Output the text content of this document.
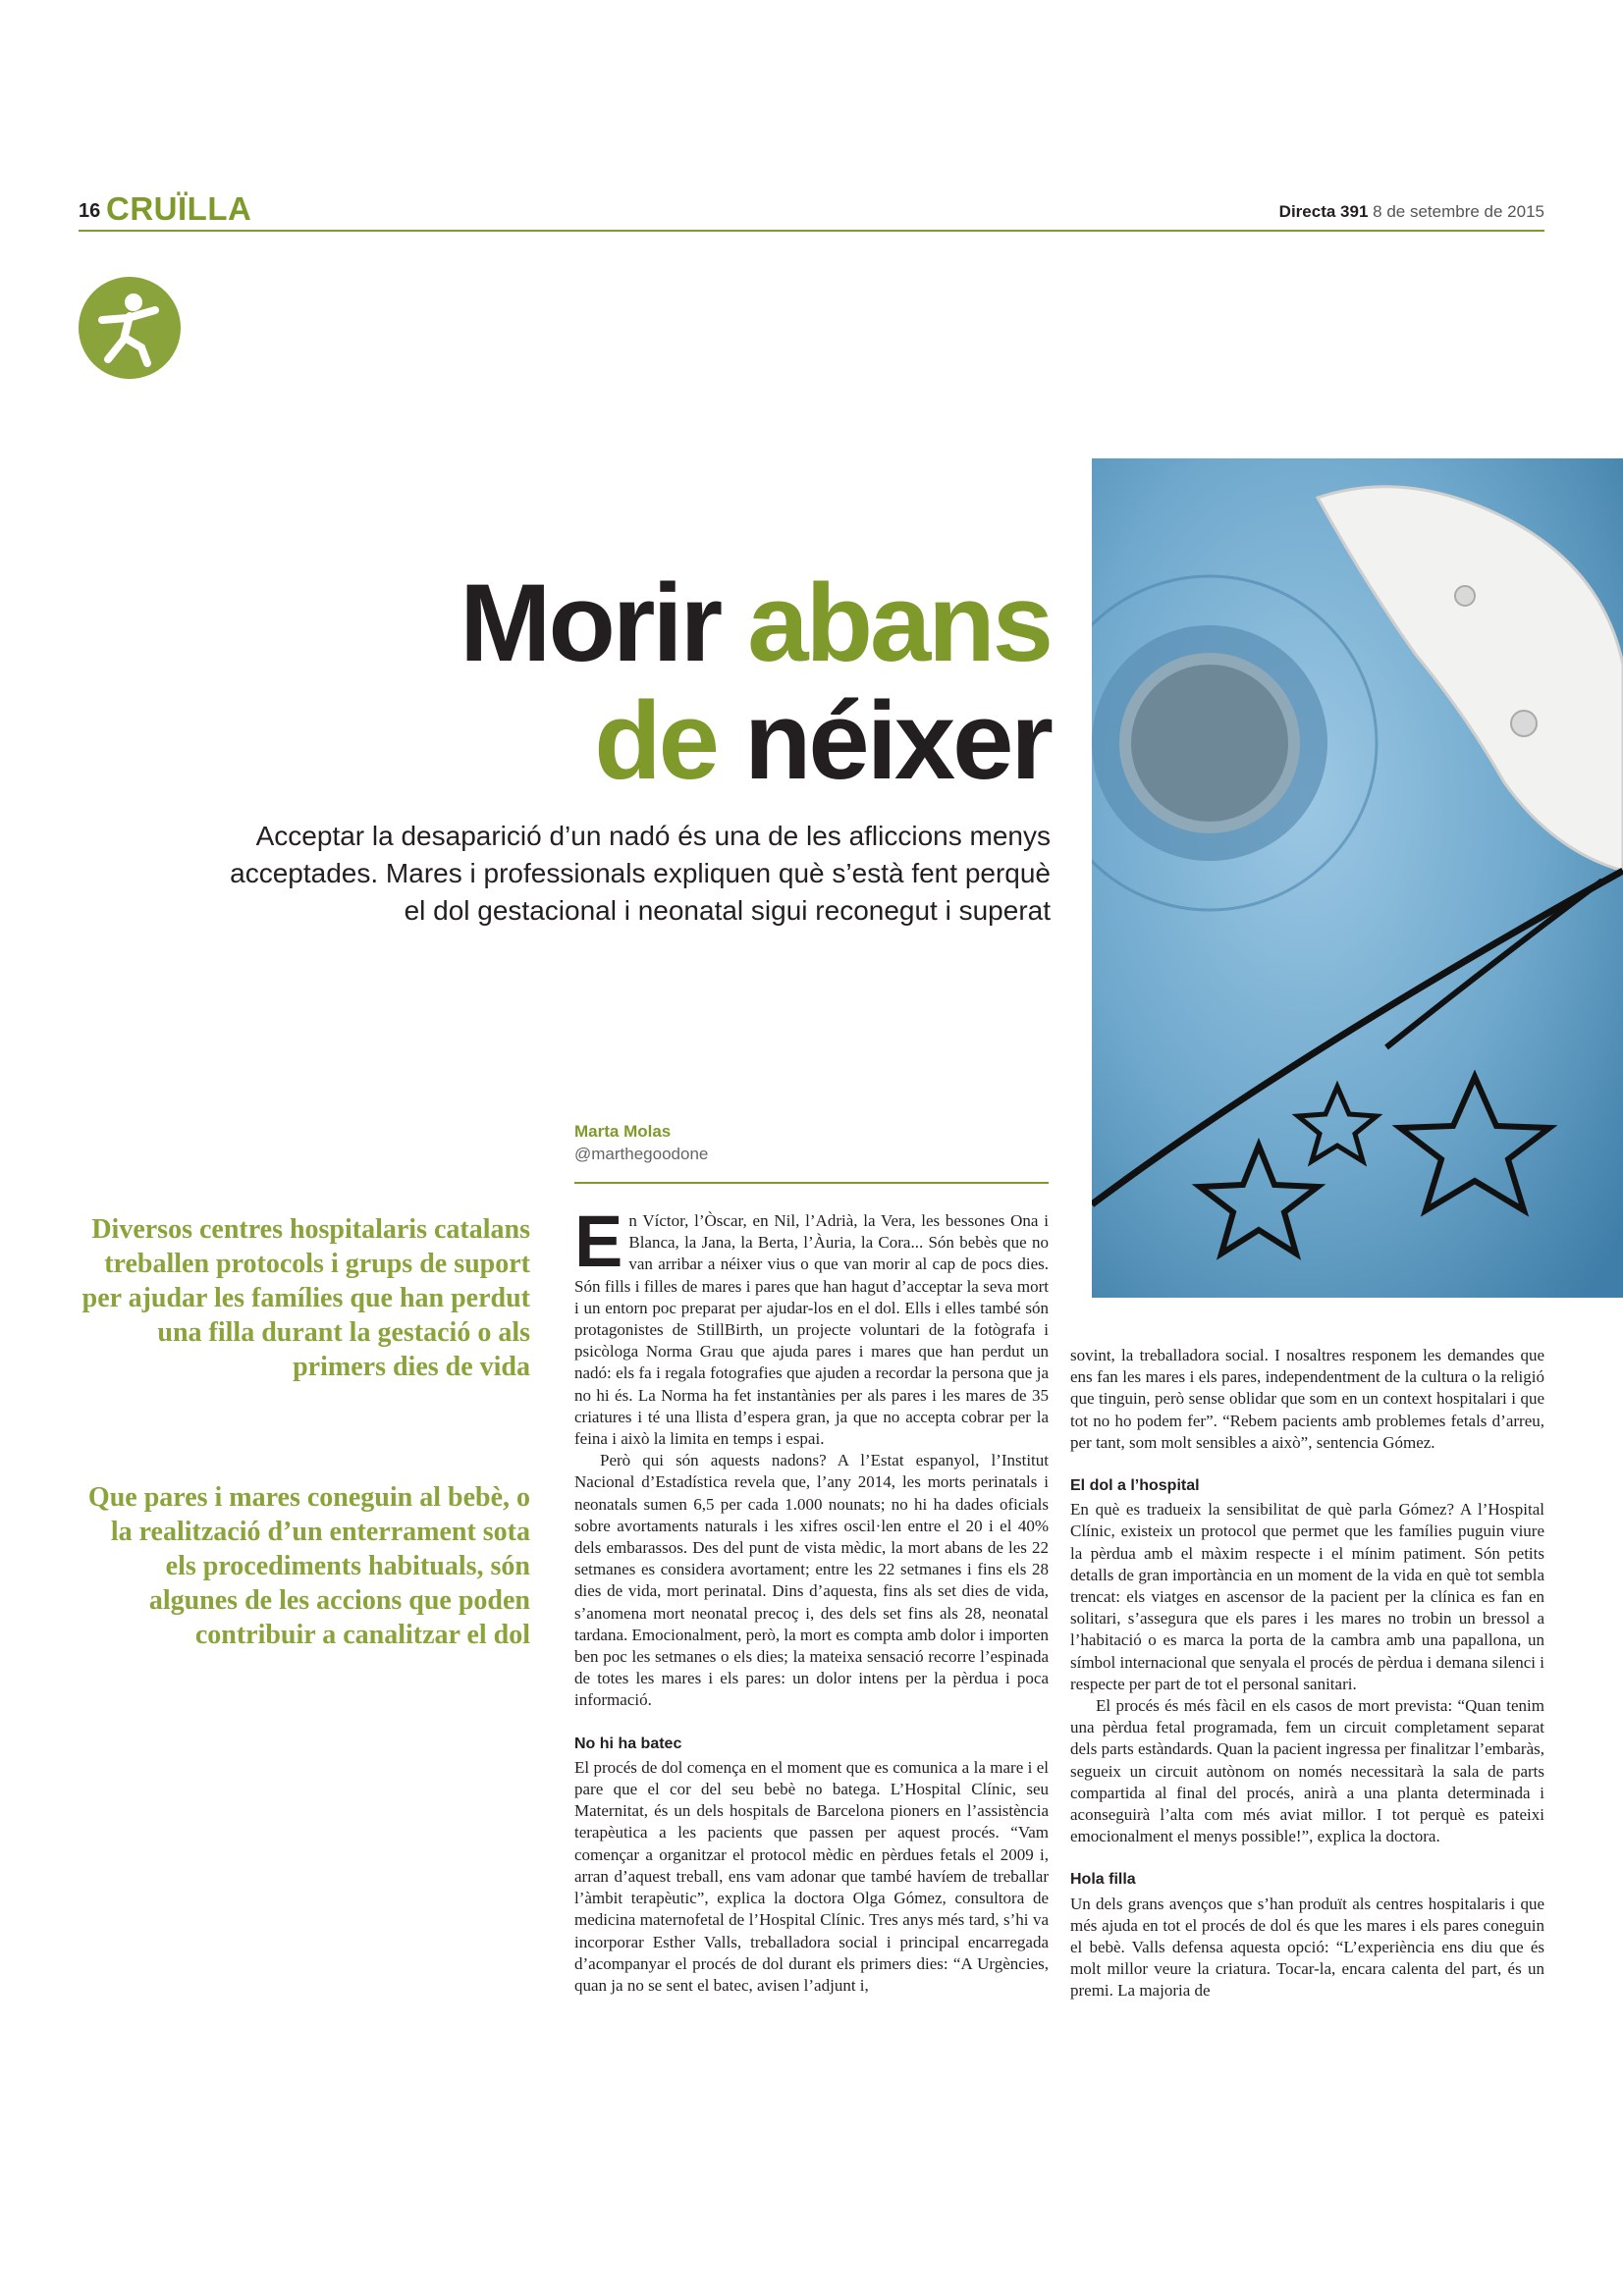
16 CRUÏLLA	Directa 391 8 de setembre de 2015
Morir abans
de néixer

Acceptar la desaparició d’un nadó és una de les afliccions menys acceptades. Mares i professionals expliquen què s’està fent perquè el dol gestacional i neonatal sigui reconegut i superat

Marta Molas
@marthegoodone

Diversos centres hospitalaris catalans treballen protocols i grups de suport per ajudar les famílies que han perdut una filla durant la gestació o als primers dies de vida

Que pares i mares coneguin al bebè, o la realització d’un enterrament sota els procediments habituals, són algunes de les accions que poden contribuir a canalitzar el dol

En Víctor, l’Òscar, en Nil, l’Adrià, la Vera, les bessones Ona i Blanca, la Jana, la Berta, l’Àuria, la Cora... Són bebès que no van arribar a néixer vius o que van morir al cap de pocs dies. Són fills i filles de mares i pares que han hagut d’acceptar la seva mort i un entorn poc preparat per ajudar-los en el dol. Ells i elles també són protagonistes de StillBirth, un projecte voluntari de la fotògrafa i psicòloga Norma Grau que ajuda pares i mares que han perdut un nadó: els fa i regala fotografies que ajuden a recordar la persona que ja no hi és. La Norma ha fet instantànies per als pares i les mares de 35 criatures i té una llista d’espera gran, ja que no accepta cobrar per la feina i això la limita en temps i espai.

Però qui són aquests nadons? A l’Estat espanyol, l’Institut Nacional d’Estadística revela que, l’any 2014, les morts perinatals i neonatals sumen 6,5 per cada 1.000 nounats; no hi ha dades oficials sobre avortaments naturals i les xifres oscil·len entre el 20 i el 40% dels embarassos. Des del punt de vista mèdic, la mort abans de les 22 setmanes es considera avortament; entre les 22 setmanes i fins els 28 dies de vida, mort perinatal. Dins d’aquesta, fins als set dies de vida, s’anomena mort neonatal precoç i, des dels set fins als 28, neonatal tardana. Emocionalment, però, la mort es compta amb dolor i importen ben poc les setmanes o els dies; la mateixa sensació recorre l’espinada de totes les mares i els pares: un dolor intens per la pèrdua i poca informació.

No hi ha batec

El procés de dol comença en el moment que es comunica a la mare i el pare que el cor del seu bebè no batega. L’Hospital Clínic, seu Maternitat, és un dels hospitals de Barcelona pioners en l’assistència terapèutica a les pacients que passen per aquest procés. “Vam començar a organitzar el protocol mèdic en pèrdues fetals el 2009 i, arran d’aquest treball, ens vam adonar que també havíem de treballar l’àmbit terapèutic”, explica la doctora Olga Gómez, consultora de medicina maternofetal de l’Hospital Clínic. Tres anys més tard, s’hi va incorporar Esther Valls, treballadora social i principal encarregada d’acompanyar el procés de dol durant els primers dies: “A Urgències, quan ja no se sent el batec, avisen l’adjunt i,

sovint, la treballadora social. I nosaltres responem les demandes que ens fan les mares i els pares, independentment de la cultura o la religió que tinguin, però sense oblidar que som en un context hospitalari i que tot no ho podem fer”. “Rebem pacients amb problemes fetals d’arreu, per tant, som molt sensibles a això”, sentencia Gómez.

El dol a l’hospital

En què es tradueix la sensibilitat de què parla Gómez? A l’Hospital Clínic, existeix un protocol que permet que les famílies puguin viure la pèrdua amb el màxim respecte i el mínim patiment. Són petits detalls de gran importància en un moment de la vida en què tot sembla trencat: els viatges en ascensor de la pacient per la clínica es fan en solitari, s’assegura que els pares i les mares no trobin un bressol a l’habitació o es marca la porta de la cambra amb una papallona, un símbol internacional que senyala el procés de pèrdua i demana silenci i respecte per part de tot el personal sanitari.

El procés és més fàcil en els casos de mort prevista: “Quan tenim una pèrdua fetal programada, fem un circuit completament separat dels parts estàndards. Quan la pacient ingressa per finalitzar l’embaràs, segueix un circuit autònom on només necessitarà la sala de parts compartida al final del procés, anirà a una planta determinada i aconseguirà l’alta com més aviat millor. I tot perquè es pateixi emocionalment el menys possible!”, explica la doctora.

Hola filla

Un dels grans avenços que s’han produït als centres hospitalaris i que més ajuda en tot el procés de dol és que les mares i els pares coneguin el bebè. Valls defensa aquesta opció: “L’experiència ens diu que és molt millor veure la criatura. Tocar-la, encara calenta del part, és un premi. La majoria de
